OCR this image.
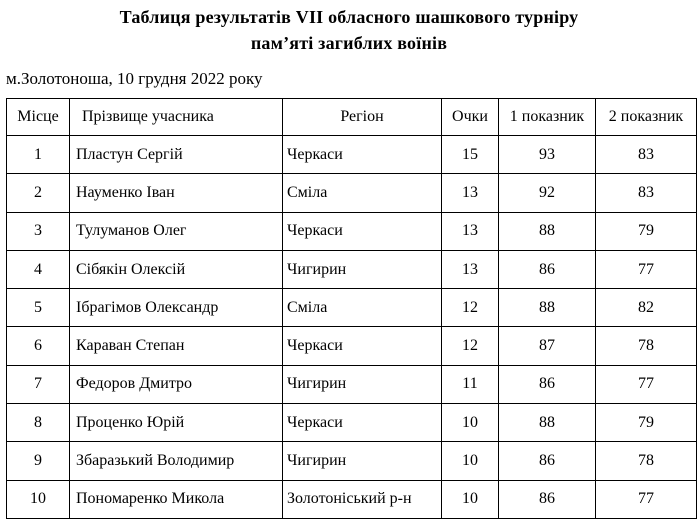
Таблиця результатів VII обласного шашкового турніру
пам’яті загиблих воїнів
м.Золотоноша, 10 грудня 2022 року
Місце	Прізвище учасника	Регіон	Очки	1 показник	2 показник
1	Пластун Сергій	Черкаси	15	93	83
2	Науменко Іван	Сміла	13	92	83
3	Тулуманов Олег	Черкаси	13	88	79
4	Сібякін Олексій	Чигирин	13	86	77
5	Ібрагімов Олександр	Сміла	12	88	82
6	Караван Степан	Черкаси	12	87	78
7	Федоров Дмитро	Чигирин	11	86	77
8	Проценко Юрій	Черкаси	10	88	79
9	Збаразький Володимир	Чигирин	10	86	78
10	Пономаренко Микола	Золотоніський р-н	10	86	77
